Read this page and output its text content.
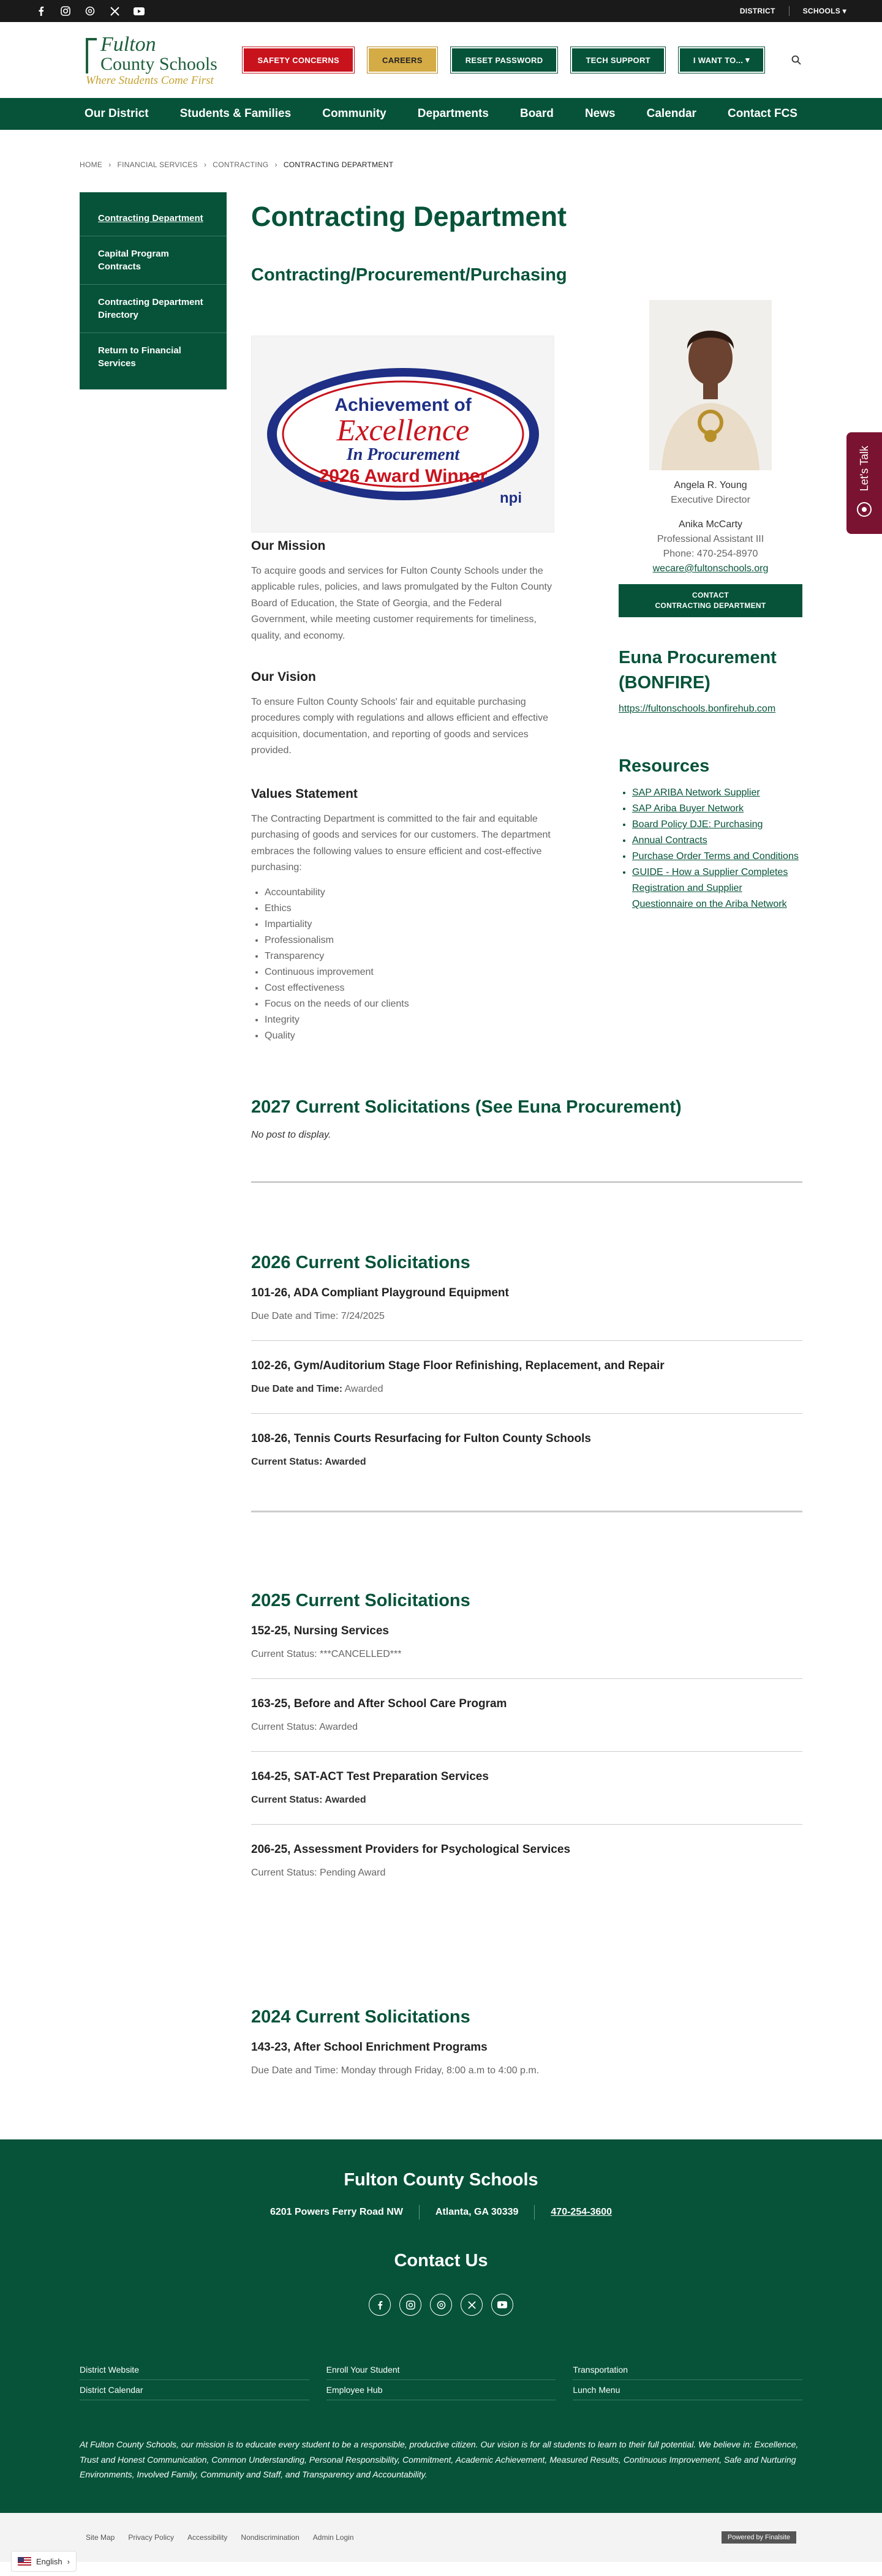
DISTRICT	SCHOOLS ▾
Fulton
County Schools
Where Students Come First
SAFETY CONCERNS	CAREERS	RESET PASSWORD	TECH SUPPORT	I WANT TO...
▾
Our District	Students & Families	Community	Departments	Board	News	Calendar	Contact FCS
HOME › FINANCIAL SERVICES › CONTRACTING › CONTRACTING DEPARTMENT
Contracting Department
Capital Program Contracts
Contracting Department Directory
Return to Financial Services
Contracting Department
Contracting/Procurement/Purchasing
Achievement of
Excellence
In Procurement
2026 Award Winner
npi
Our Mission

To acquire goods and services for Fulton County Schools under the applicable rules, policies, and laws promulgated by the Fulton County Board of Education, the State of Georgia, and the Federal Government, while meeting customer requirements for timeliness, quality, and economy.

Our Vision

To ensure Fulton County Schools' fair and equitable purchasing procedures comply with regulations and allows efficient and effective acquisition, documentation, and reporting of goods and services provided.

Values Statement

The Contracting Department is committed to the fair and equitable purchasing of goods and services for our customers. The department embraces the following values to ensure efficient and cost-effective purchasing:

• Accountability
• Ethics
• Impartiality
• Professionalism
• Transparency
• Continuous improvement
• Cost effectiveness
• Focus on the needs of our clients
• Integrity
• Quality
Angela R. Young
Executive Director
Anika McCarty
Professional Assistant III
Phone: 470-254-8970
wecare@fultonschools.org
CONTACT
CONTRACTING DEPARTMENT
Euna Procurement (BONFIRE)
https://fultonschools.bonfirehub.com
Resources
• SAP ARIBA Network Supplier
• SAP Ariba Buyer Network
• Board Policy DJE: Purchasing
• Annual Contracts
• Purchase Order Terms and Conditions
• GUIDE - How a Supplier Completes Registration and Supplier Questionnaire on the Ariba Network
Let's Talk
2027 Current Solicitations (See Euna Procurement)
No post to display.
2026 Current Solicitations
101-26, ADA Compliant Playground Equipment
Due Date and Time: 7/24/2025
102-26, Gym/Auditorium Stage Floor Refinishing, Replacement, and Repair
Due Date and Time: Awarded
108-26, Tennis Courts Resurfacing for Fulton County Schools
Current Status: Awarded
2025 Current Solicitations
152-25, Nursing Services
Current Status: ***CANCELLED***
163-25, Before and After School Care Program
Current Status: Awarded
164-25, SAT-ACT Test Preparation Services
Current Status: Awarded
206-25, Assessment Providers for Psychological Services
Current Status: Pending Award
2024 Current Solicitations
143-23, After School Enrichment Programs
Due Date and Time: Monday through Friday, 8:00 a.m to 4:00 p.m.
Fulton County Schools
6201 Powers Ferry Road NW	Atlanta, GA 30339	470-254-3600
Contact Us
District Website	Enroll Your Student	Transportation
District Calendar	Employee Hub	Lunch Menu
At Fulton County Schools, our mission is to educate every student to be a responsible, productive citizen. Our vision is for all students to learn to their full potential. We believe in: Excellence, Trust and Honest Communication, Common Understanding, Personal Responsibility, Commitment, Academic Achievement, Measured Results, Continuous Improvement, Safe and Nurturing Environments, Involved Family, Community and Staff, and Transparency and Accountability.
Site Map Privacy Policy Accessibility Nondiscrimination Admin Login	Powered by Finalsite
English ›
